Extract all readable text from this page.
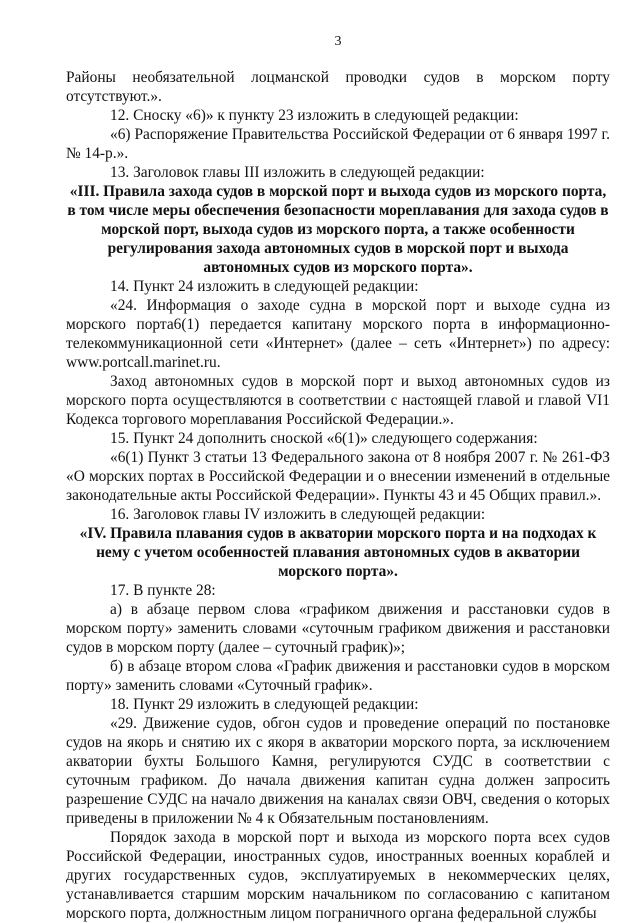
3

Районы необязательной лоцманской проводки судов в морском порту отсутствуют.».

12. Сноску «6)» к пункту 23 изложить в следующей редакции:

«6) Распоряжение Правительства Российской Федерации от 6 января 1997 г. № 14-р.».

13. Заголовок главы III изложить в следующей редакции:

«III. Правила захода судов в морской порт и выхода судов из морского порта, в том числе меры обеспечения безопасности мореплавания для захода судов в морской порт, выхода судов из морского порта, а также особенности регулирования захода автономных судов в морской порт и выхода автономных судов из морского порта».

14. Пункт 24 изложить в следующей редакции:

«24. Информация о заходе судна в морской порт и выходе судна из морского порта6(1) передается капитану морского порта в информационно-телекоммуникационной сети «Интернет» (далее – сеть «Интернет») по адресу: www.portcall.marinet.ru.

Заход автономных судов в морской порт и выход автономных судов из морского порта осуществляются в соответствии с настоящей главой и главой VI1 Кодекса торгового мореплавания Российской Федерации.».

15. Пункт 24 дополнить сноской «6(1)» следующего содержания:

«6(1) Пункт 3 статьи 13 Федерального закона от 8 ноября 2007 г. № 261-ФЗ «О морских портах в Российской Федерации и о внесении изменений в отдельные законодательные акты Российской Федерации». Пункты 43 и 45 Общих правил.».

16. Заголовок главы IV изложить в следующей редакции:

«IV. Правила плавания судов в акватории морского порта и на подходах к нему с учетом особенностей плавания автономных судов в акватории морского порта».

17. В пункте 28:

а) в абзаце первом слова «графиком движения и расстановки судов в морском порту» заменить словами «суточным графиком движения и расстановки судов в морском порту (далее – суточный график)»;

б) в абзаце втором слова «График движения и расстановки судов в морском порту» заменить словами «Суточный график».

18. Пункт 29 изложить в следующей редакции:

«29. Движение судов, обгон судов и проведение операций по постановке судов на якорь и снятию их с якоря в акватории морского порта, за исключением акватории бухты Большого Камня, регулируются СУДС в соответствии с суточным графиком. До начала движения капитан судна должен запросить разрешение СУДС на начало движения на каналах связи ОВЧ, сведения о которых приведены в приложении № 4 к Обязательным постановлениям.

Порядок захода в морской порт и выхода из морского порта всех судов Российской Федерации, иностранных судов, иностранных военных кораблей и других государственных судов, эксплуатируемых в некоммерческих целях, устанавливается старшим морским начальником по согласованию с капитаном морского порта, должностным лицом пограничного органа федеральной службы
